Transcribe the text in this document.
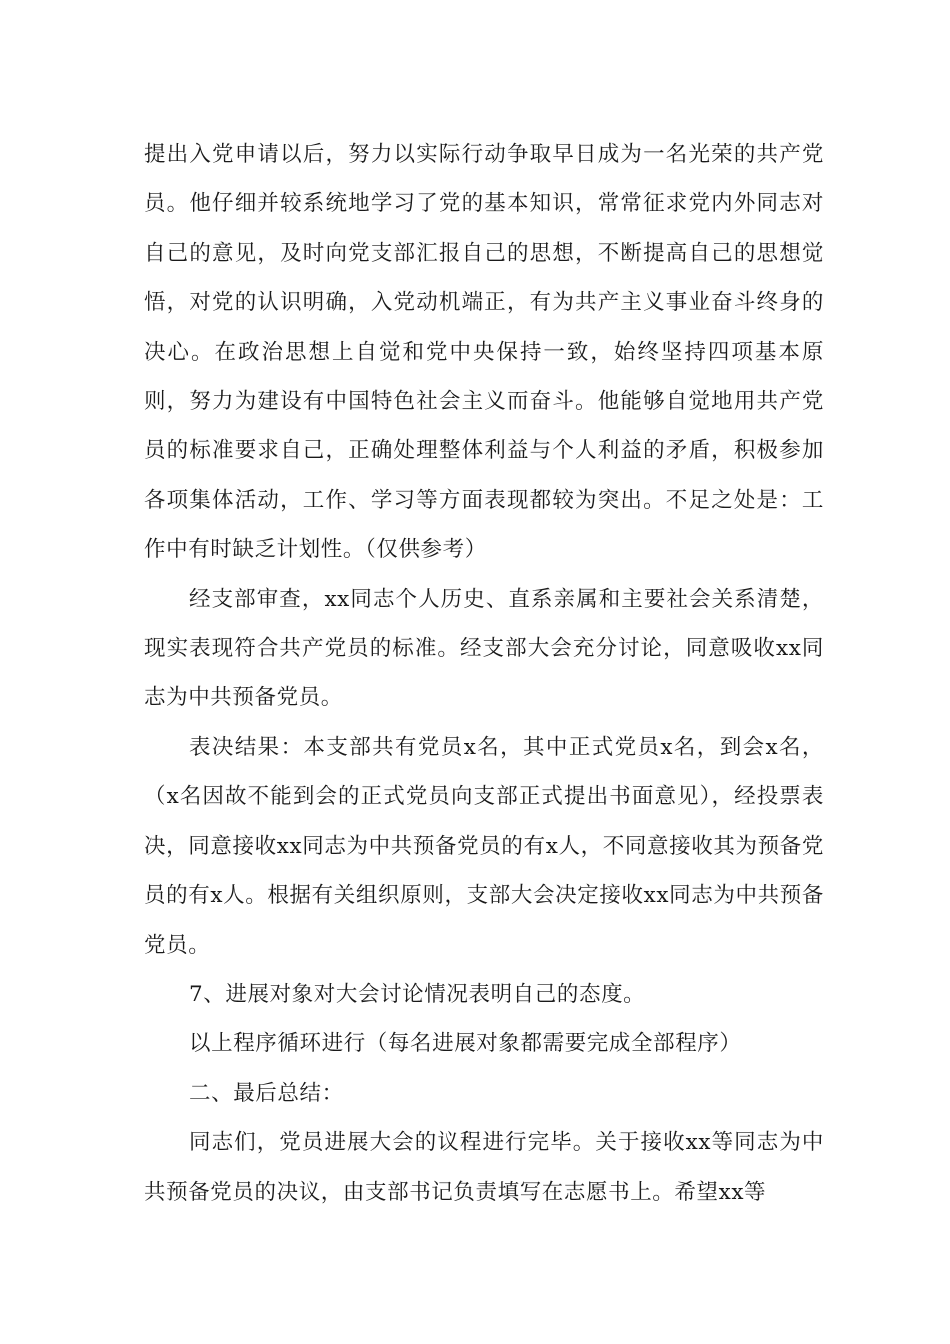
提出入党申请以后，努力以实际行动争取早日成为一名光荣的共产党员。他仔细并较系统地学习了党的基本知识，常常征求党内外同志对自己的意见，及时向党支部汇报自己的思想，不断提高自己的思想觉悟，对党的认识明确，入党动机端正，有为共产主义事业奋斗终身的决心。在政治思想上自觉和党中央保持一致，始终坚持四项基本原则，努力为建设有中国特色社会主义而奋斗。他能够自觉地用共产党员的标准要求自己，正确处理整体利益与个人利益的矛盾，积极参加各项集体活动，工作、学习等方面表现都较为突出。不足之处是：工作中有时缺乏计划性。（仅供参考）

经支部审查，xx同志个人历史、直系亲属和主要社会关系清楚，现实表现符合共产党员的标准。经支部大会充分讨论，同意吸收xx同志为中共预备党员。

表决结果：本支部共有党员x名，其中正式党员x名，到会x名，（x名因故不能到会的正式党员向支部正式提出书面意见），经投票表决，同意接收xx同志为中共预备党员的有x人，不同意接收其为预备党员的有x人。根据有关组织原则，支部大会决定接收xx同志为中共预备党员。

7、进展对象对大会讨论情况表明自己的态度。

以上程序循环进行（每名进展对象都需要完成全部程序）

二、最后总结：

同志们，党员进展大会的议程进行完毕。关于接收xx等同志为中共预备党员的决议，由支部书记负责填写在志愿书上。希望xx等
